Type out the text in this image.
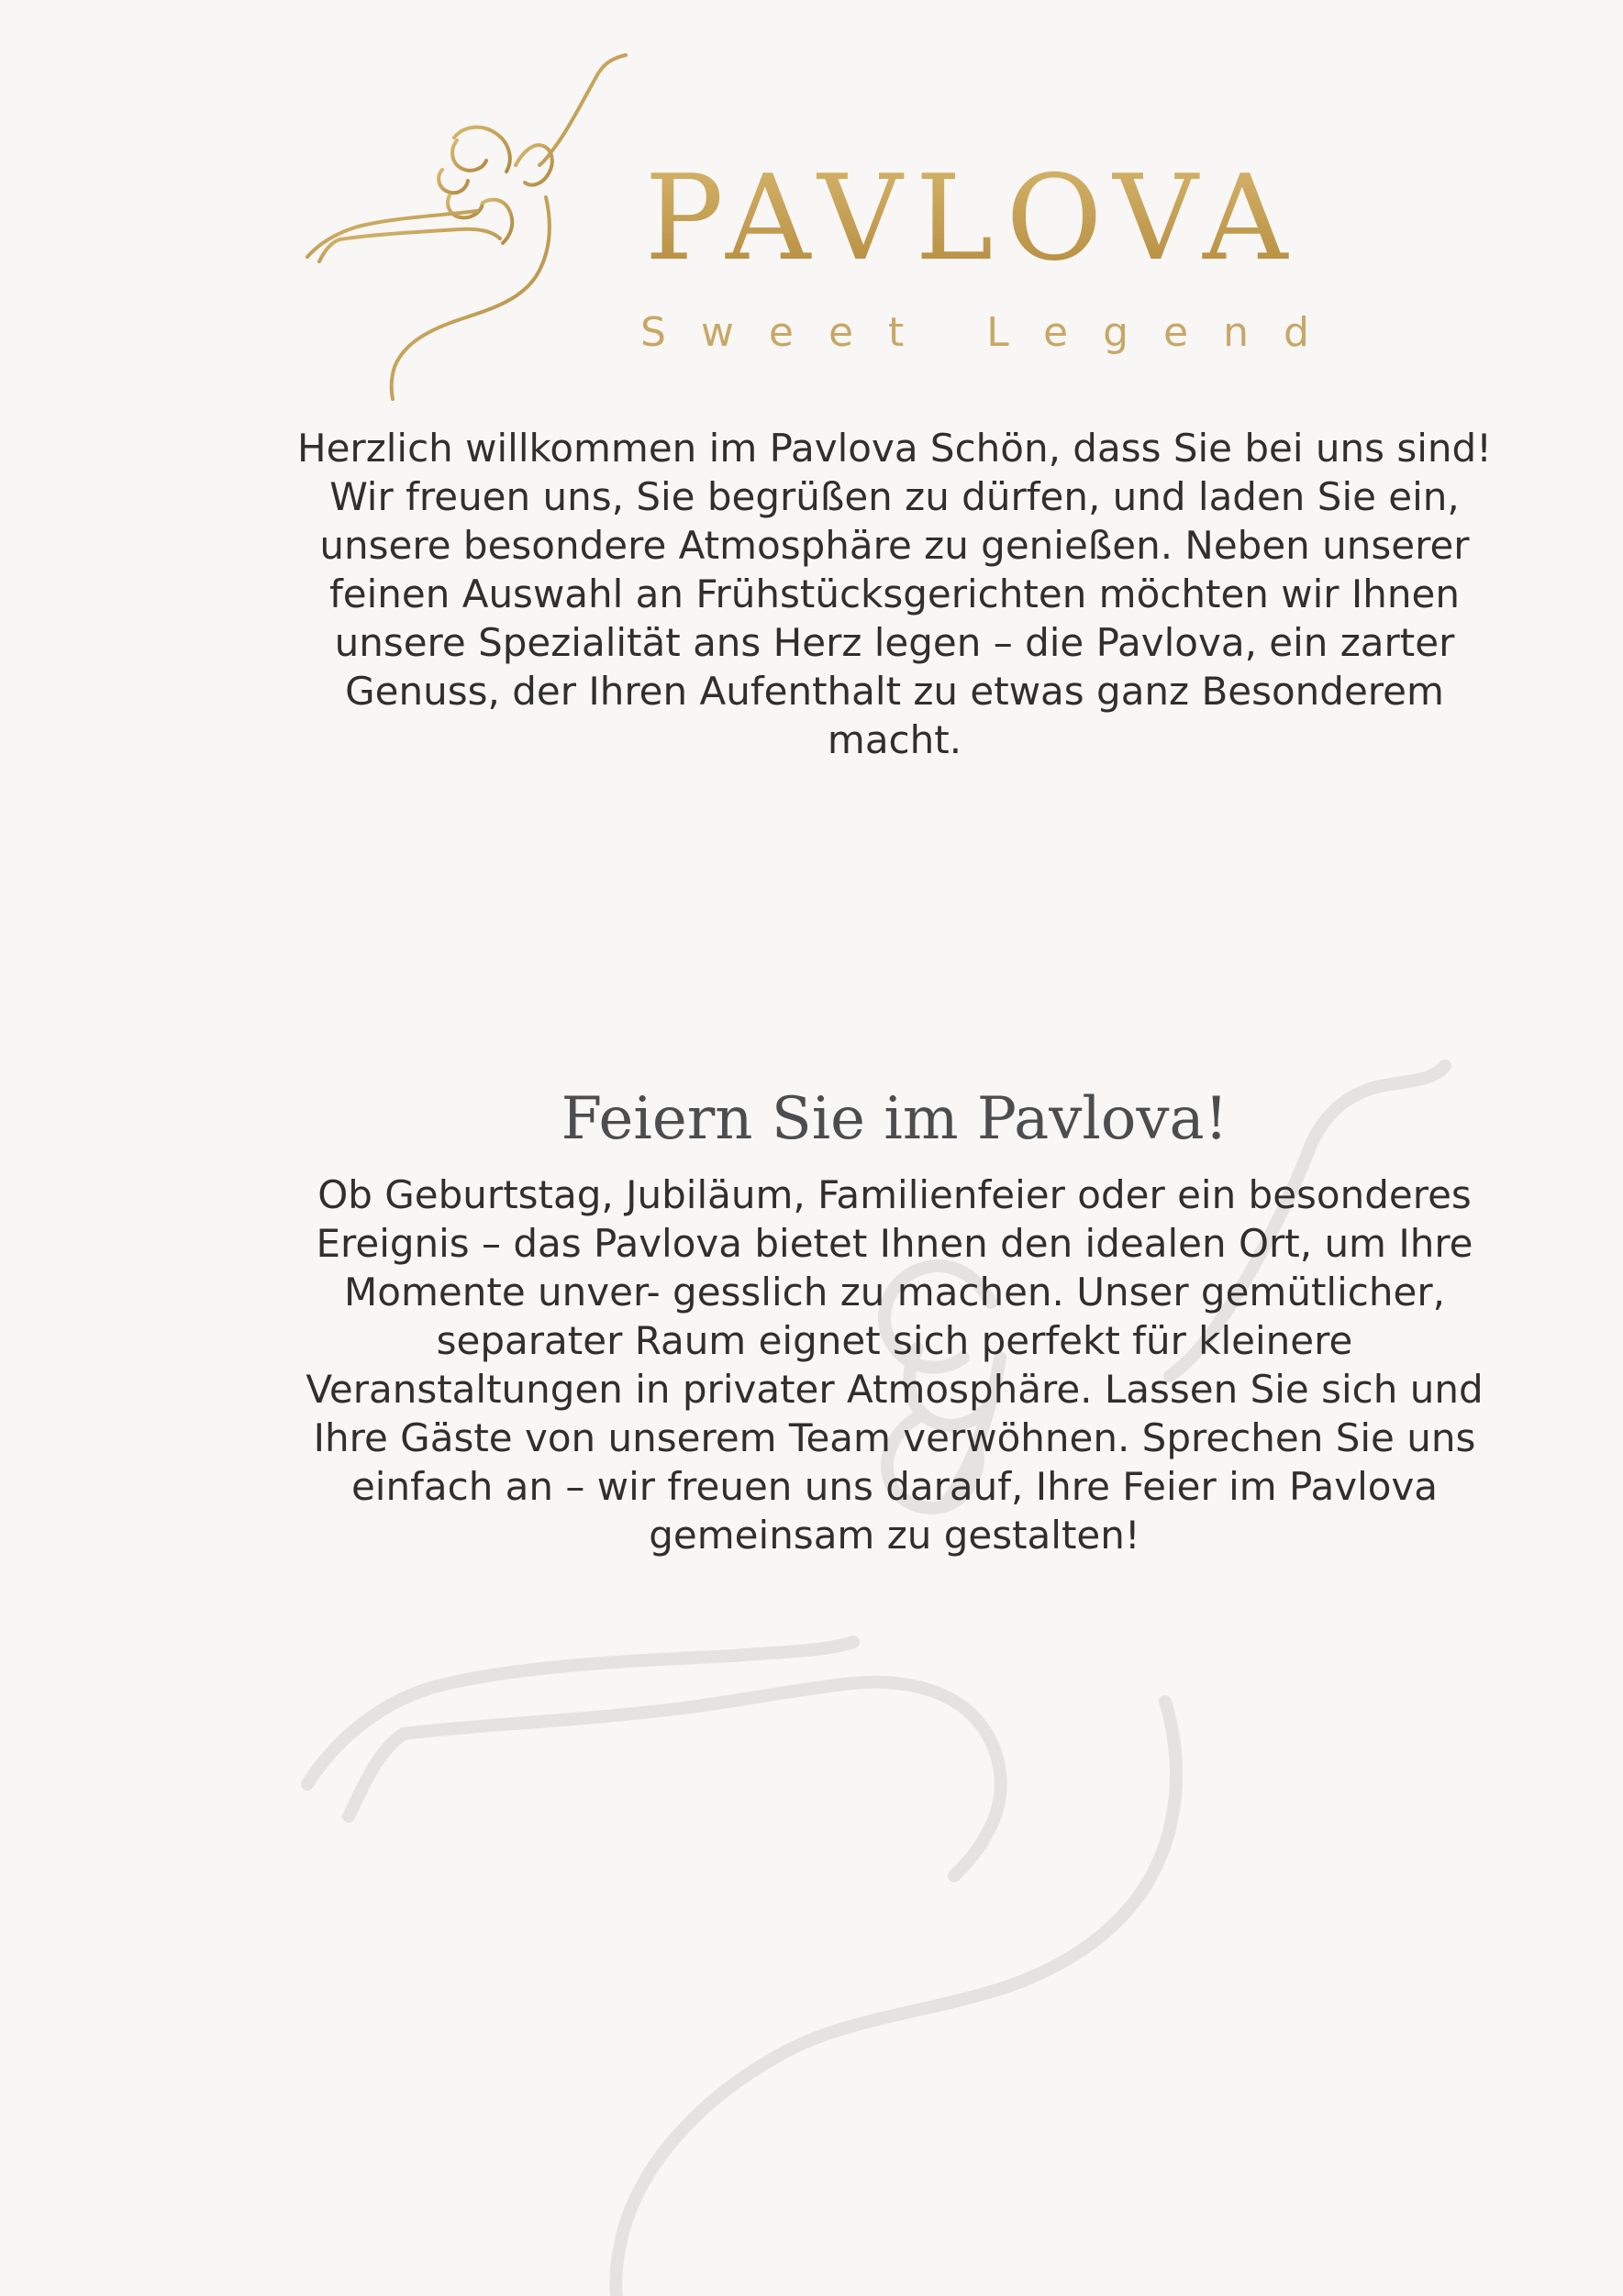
PAVLOVA
Sweet Legend

Herzlich willkommen im Pavlova Schön, dass Sie bei uns sind! Wir freuen uns, Sie begrüßen zu dürfen, und laden Sie ein, unsere besondere Atmosphäre zu genießen. Neben unserer feinen Auswahl an Frühstücksgerichten möchten wir Ihnen unsere Spezialität ans Herz legen – die Pavlova, ein zarter Genuss, der Ihren Aufenthalt zu etwas ganz Besonderem macht.

Feiern Sie im Pavlova!

Ob Geburtstag, Jubiläum, Familienfeier oder ein besonderes Ereignis – das Pavlova bietet Ihnen den idealen Ort, um Ihre Momente unver- gesslich zu machen. Unser gemütlicher, separater Raum eignet sich perfekt für kleinere Veranstaltungen in privater Atmosphäre. Lassen Sie sich und Ihre Gäste von unserem Team verwöhnen. Sprechen Sie uns einfach an – wir freuen uns darauf, Ihre Feier im Pavlova gemeinsam zu gestalten!
